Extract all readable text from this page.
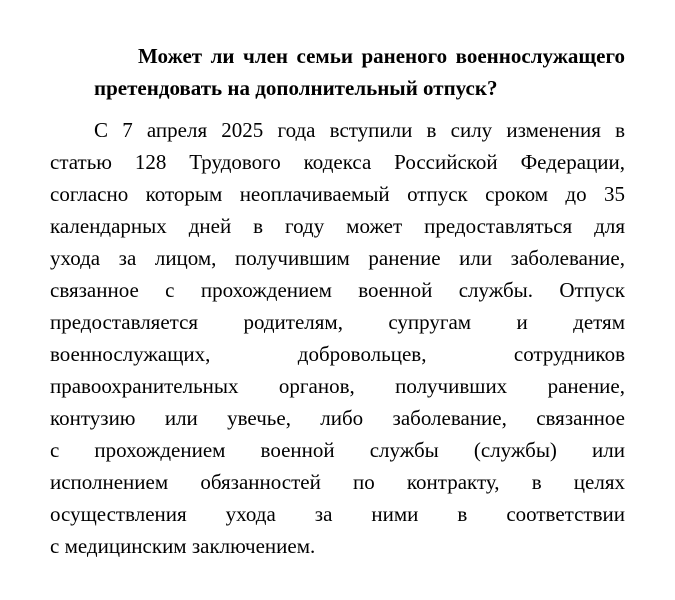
Может ли член семьи раненого военнослужащего
претендовать на дополнительный отпуск?

С 7 апреля 2025 года вступили в силу изменения в
статью 128 Трудового кодекса Российской Федерации,
согласно которым неоплачиваемый отпуск сроком до 35
календарных дней в году может предоставляться для
ухода за лицом, получившим ранение или заболевание,
связанное с прохождением военной службы. Отпуск
предоставляется родителям, супругам и детям
военнослужащих, добровольцев, сотрудников
правоохранительных органов, получивших ранение,
контузию или увечье, либо заболевание, связанное
с прохождением военной службы (службы) или
исполнением обязанностей по контракту, в целях
осуществления ухода за ними в соответствии
с медицинским заключением.
